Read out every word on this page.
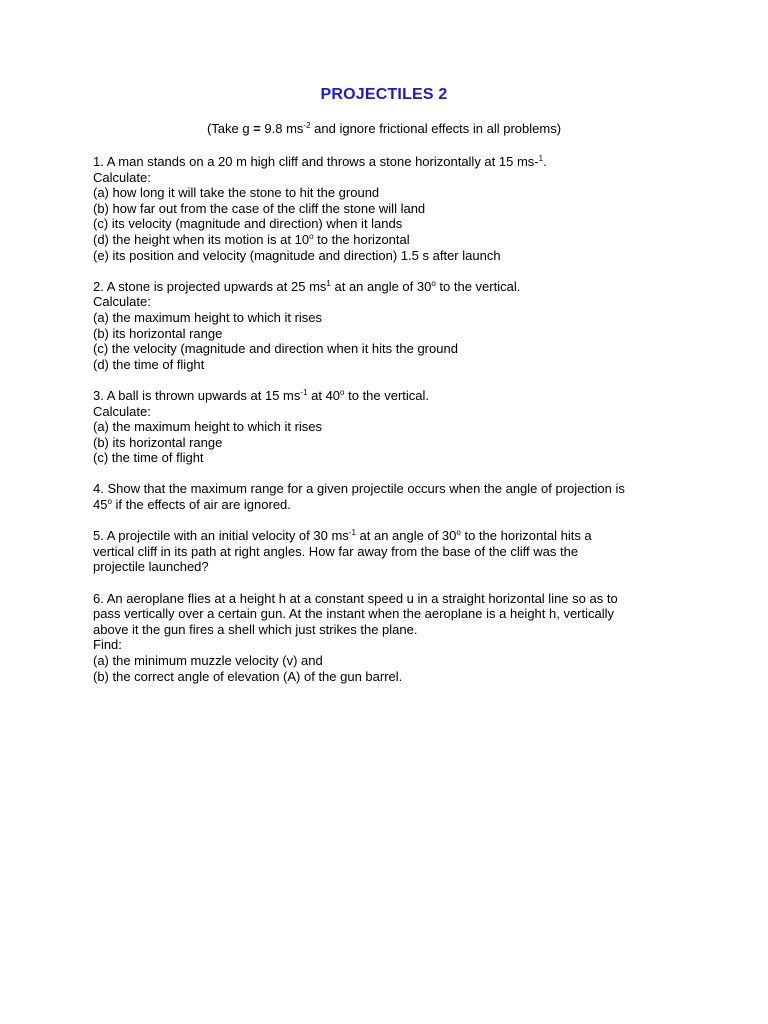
PROJECTILES 2
(Take g = 9.8 $ms^{-2}$ and ignore frictional effects in all problems)
1. A man stands on a 20 m high cliff and throws a stone horizontally at 15 ms-$^1$.
Calculate:
(a) how long it will take the stone to hit the ground
(b) how far out from the case of the cliff the stone will land
(c) its velocity (magnitude and direction) when it lands
(d) the height when its motion is at 10$^o$ to the horizontal
(e) its position and velocity (magnitude and direction) 1.5 s after launch
2. A stone is projected upwards at 25 $ms^1$ at an angle of 30$^o$ to the vertical.
Calculate:
(a) the maximum height to which it rises
(b) its horizontal range
(c) the velocity (magnitude and direction when it hits the ground
(d) the time of flight
3. A ball is thrown upwards at 15 $ms^{-1}$ at 40$^o$ to the vertical.
Calculate:
(a) the maximum height to which it rises
(b) its horizontal range
(c) the time of flight
4. Show that the maximum range for a given projectile occurs when the angle of projection is
45$^o$ if the effects of air are ignored.
5. A projectile with an initial velocity of 30 $ms^{-1}$ at an angle of 30$^o$ to the horizontal hits a
vertical cliff in its path at right angles. How far away from the base of the cliff was the
projectile launched?
6. An aeroplane flies at a height h at a constant speed u in a straight horizontal line so as to
pass vertically over a certain gun. At the instant when the aeroplane is a height h, vertically
above it the gun fires a shell which just strikes the plane.
Find:
(a) the minimum muzzle velocity (v) and
(b) the correct angle of elevation (A) of the gun barrel.
